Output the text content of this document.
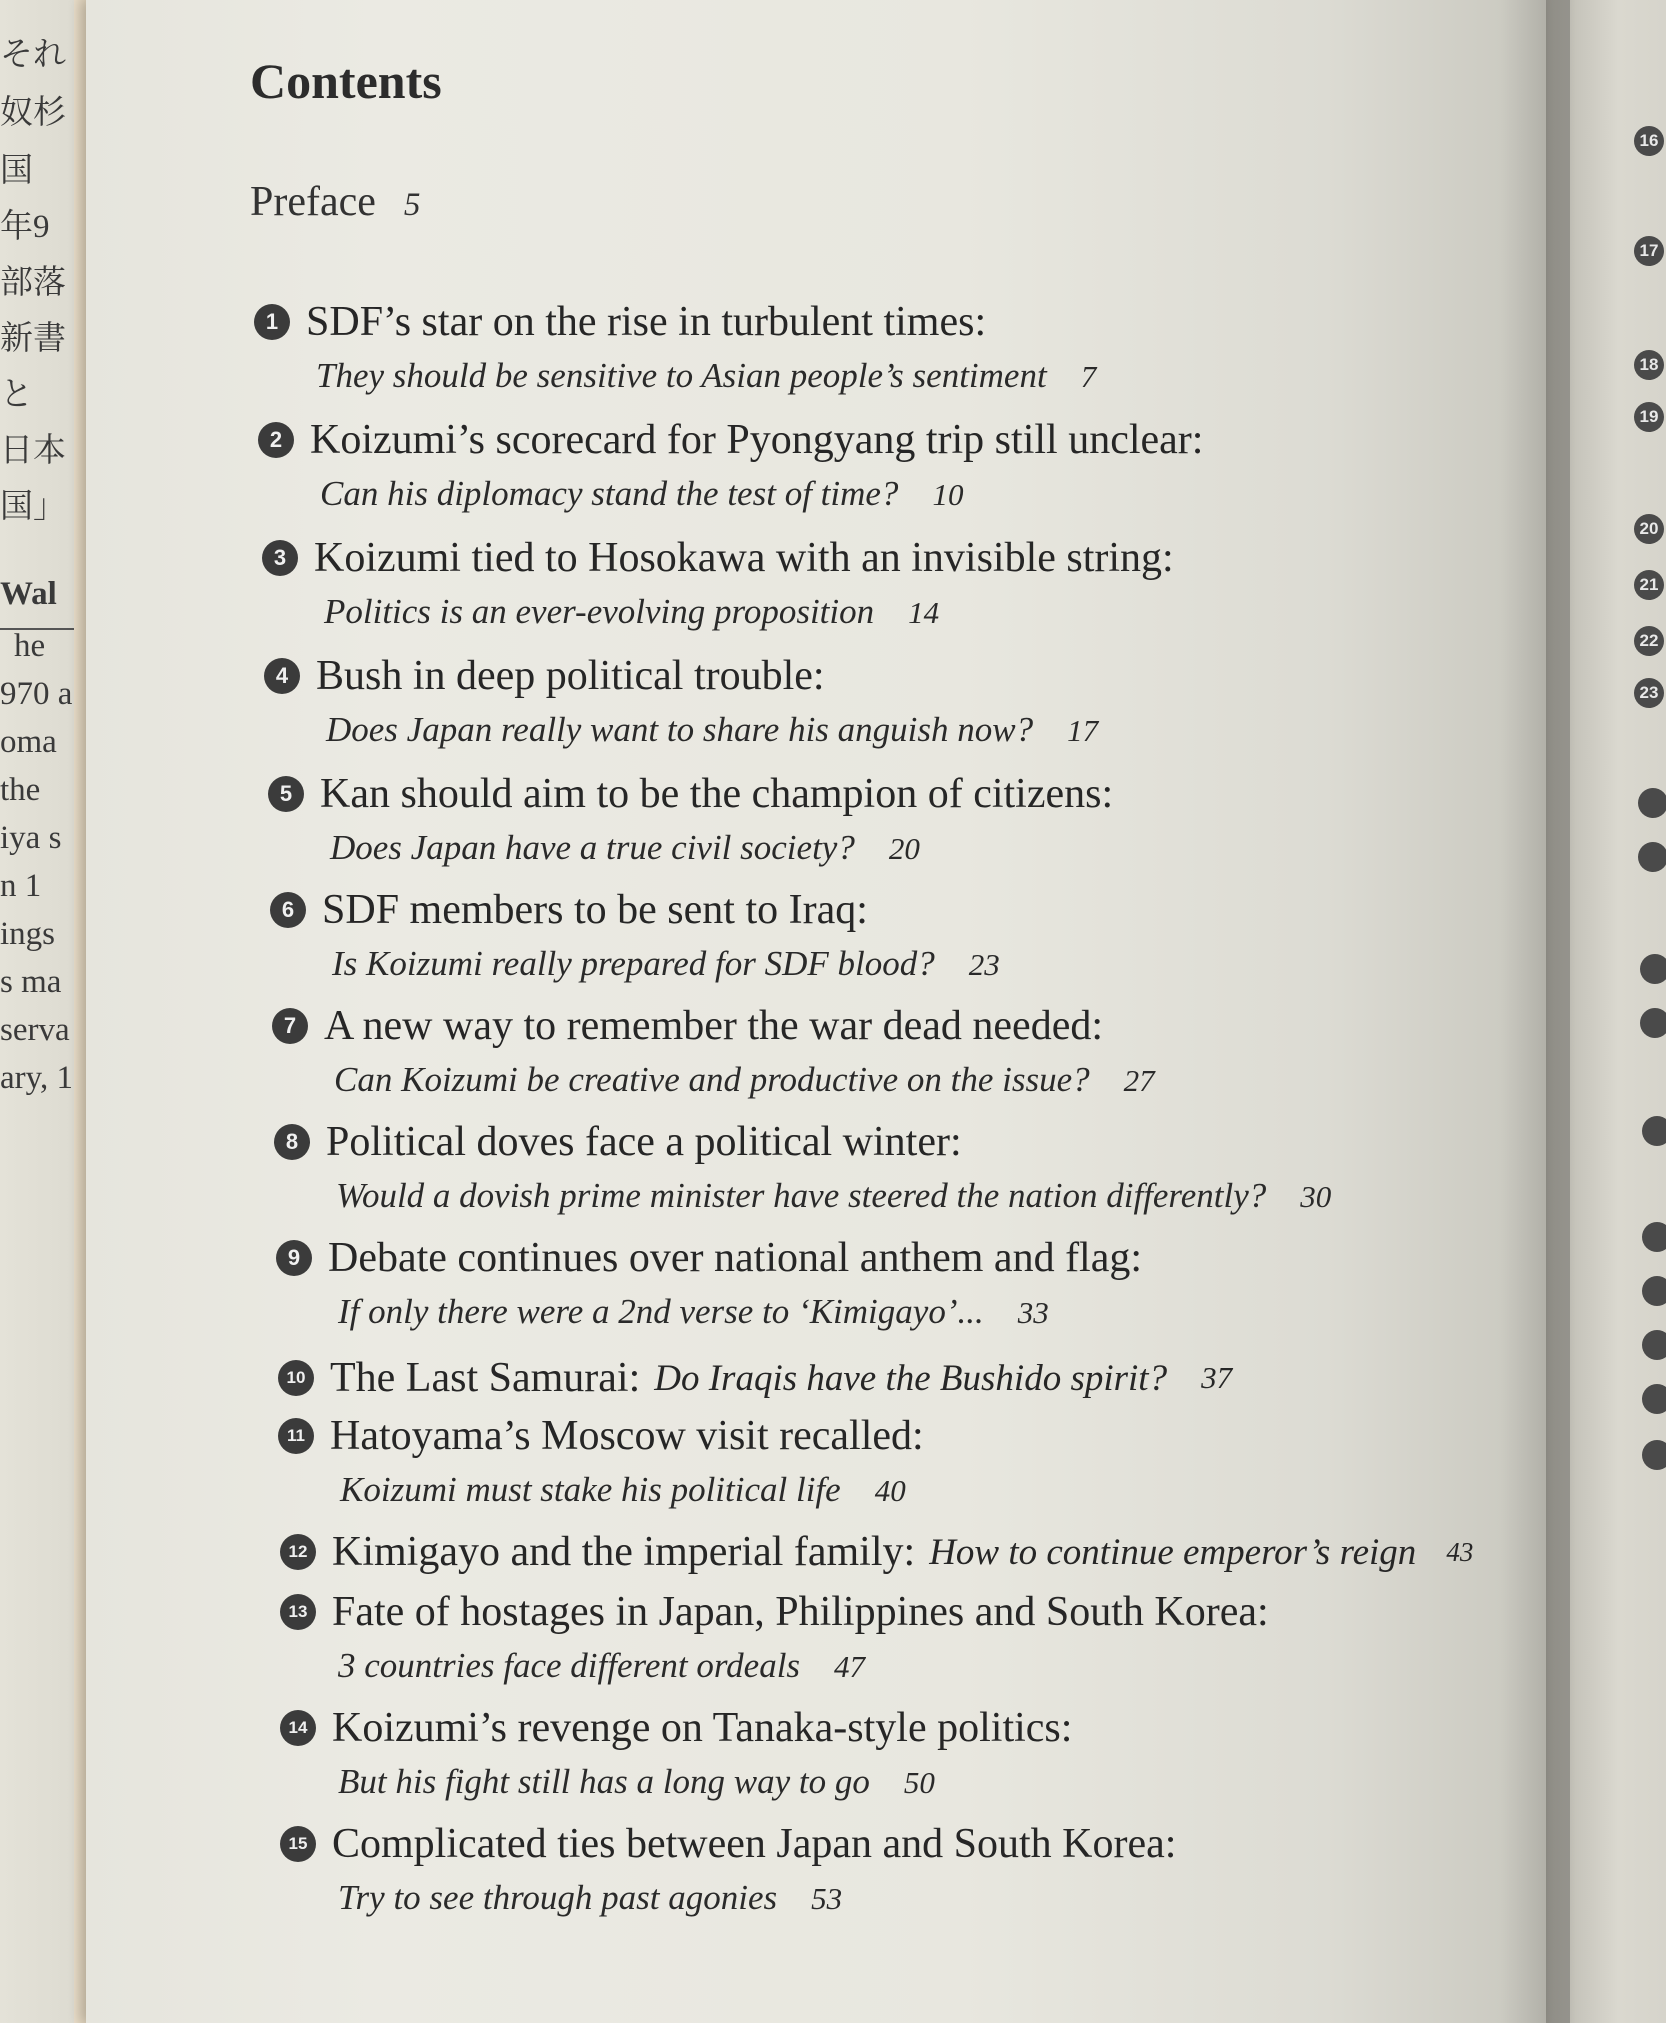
それ
奴杉
国
年9
部落
新書
と
日本
国」
Wal
he
970 a
oma
the
iya s
n 1
ings
s ma
serva
ary, 1
16
17
18
19
20
21
22
23
Contents
Preface 5
1 SDF’s star on the rise in turbulent times:
They should be sensitive to Asian people’s sentiment 7
2 Koizumi’s scorecard for Pyongyang trip still unclear:
Can his diplomacy stand the test of time? 10
3 Koizumi tied to Hosokawa with an invisible string:
Politics is an ever-evolving proposition 14
4 Bush in deep political trouble:
Does Japan really want to share his anguish now? 17
5 Kan should aim to be the champion of citizens:
Does Japan have a true civil society? 20
6 SDF members to be sent to Iraq:
Is Koizumi really prepared for SDF blood? 23
7 A new way to remember the war dead needed:
Can Koizumi be creative and productive on the issue? 27
8 Political doves face a political winter:
Would a dovish prime minister have steered the nation differently? 30
9 Debate continues over national anthem and flag:
If only there were a 2nd verse to ‘Kimigayo’... 33
10 The Last Samurai: Do Iraqis have the Bushido spirit? 37
11 Hatoyama’s Moscow visit recalled:
Koizumi must stake his political life 40
12 Kimigayo and the imperial family: How to continue emperor’s reign 43
13 Fate of hostages in Japan, Philippines and South Korea:
3 countries face different ordeals 47
14 Koizumi’s revenge on Tanaka-style politics:
But his fight still has a long way to go 50
15 Complicated ties between Japan and South Korea:
Try to see through past agonies 53
